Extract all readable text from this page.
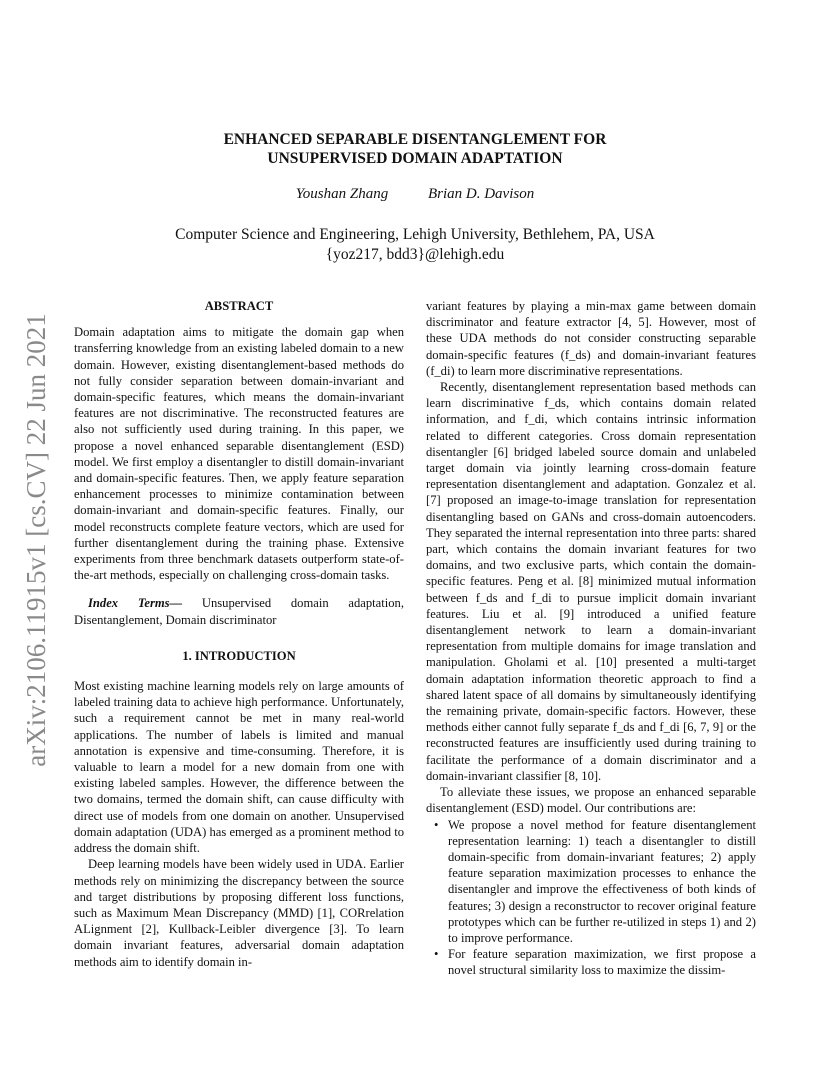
arXiv:2106.11915v1 [cs.CV] 22 Jun 2021
ENHANCED SEPARABLE DISENTANGLEMENT FOR
UNSUPERVISED DOMAIN ADAPTATION
Youshan Zhang	Brian D. Davison
Computer Science and Engineering, Lehigh University, Bethlehem, PA, USA
{yoz217, bdd3}@lehigh.edu
ABSTRACT

Domain adaptation aims to mitigate the domain gap when transferring knowledge from an existing labeled domain to a new domain. However, existing disentanglement-based methods do not fully consider separation between domain-invariant and domain-specific features, which means the domain-invariant features are not discriminative. The reconstructed features are also not sufficiently used during training. In this paper, we propose a novel enhanced separable disentanglement (ESD) model. We first employ a disentangler to distill domain-invariant and domain-specific features. Then, we apply feature separation enhancement processes to minimize contamination between domain-invariant and domain-specific features. Finally, our model reconstructs complete feature vectors, which are used for further disentanglement during the training phase. Extensive experiments from three benchmark datasets outperform state-of-the-art methods, especially on challenging cross-domain tasks.

Index Terms— Unsupervised domain adaptation, Disentanglement, Domain discriminator

1. INTRODUCTION

Most existing machine learning models rely on large amounts of labeled training data to achieve high performance. Unfortunately, such a requirement cannot be met in many real-world applications. The number of labels is limited and manual annotation is expensive and time-consuming. Therefore, it is valuable to learn a model for a new domain from one with existing labeled samples. However, the difference between the two domains, termed the domain shift, can cause difficulty with direct use of models from one domain on another. Unsupervised domain adaptation (UDA) has emerged as a prominent method to address the domain shift.

Deep learning models have been widely used in UDA. Earlier methods rely on minimizing the discrepancy between the source and target distributions by proposing different loss functions, such as Maximum Mean Discrepancy (MMD) [1], CORrelation ALignment [2], Kullback-Leibler divergence [3]. To learn domain invariant features, adversarial domain adaptation methods aim to identify domain in-

variant features by playing a min-max game between domain discriminator and feature extractor [4, 5]. However, most of these UDA methods do not consider constructing separable domain-specific features (f_ds) and domain-invariant features (f_di) to learn more discriminative representations.

Recently, disentanglement representation based methods can learn discriminative f_ds, which contains domain related information, and f_di, which contains intrinsic information related to different categories. Cross domain representation disentangler [6] bridged labeled source domain and unlabeled target domain via jointly learning cross-domain feature representation disentanglement and adaptation. Gonzalez et al. [7] proposed an image-to-image translation for representation disentangling based on GANs and cross-domain autoencoders. They separated the internal representation into three parts: shared part, which contains the domain invariant features for two domains, and two exclusive parts, which contain the domain-specific features. Peng et al. [8] minimized mutual information between f_ds and f_di to pursue implicit domain invariant features. Liu et al. [9] introduced a unified feature disentanglement network to learn a domain-invariant representation from multiple domains for image translation and manipulation. Gholami et al. [10] presented a multi-target domain adaptation information theoretic approach to find a shared latent space of all domains by simultaneously identifying the remaining private, domain-specific factors. However, these methods either cannot fully separate f_ds and f_di [6, 7, 9] or the reconstructed features are insufficiently used during training to facilitate the performance of a domain discriminator and a domain-invariant classifier [8, 10].

To alleviate these issues, we propose an enhanced separable disentanglement (ESD) model. Our contributions are:

• We propose a novel method for feature disentanglement representation learning: 1) teach a disentangler to distill domain-specific from domain-invariant features; 2) apply feature separation maximization processes to enhance the disentangler and improve the effectiveness of both kinds of features; 3) design a reconstructor to recover original feature prototypes which can be further re-utilized in steps 1) and 2) to improve performance.
• For feature separation maximization, we first propose a novel structural similarity loss to maximize the dissim-
